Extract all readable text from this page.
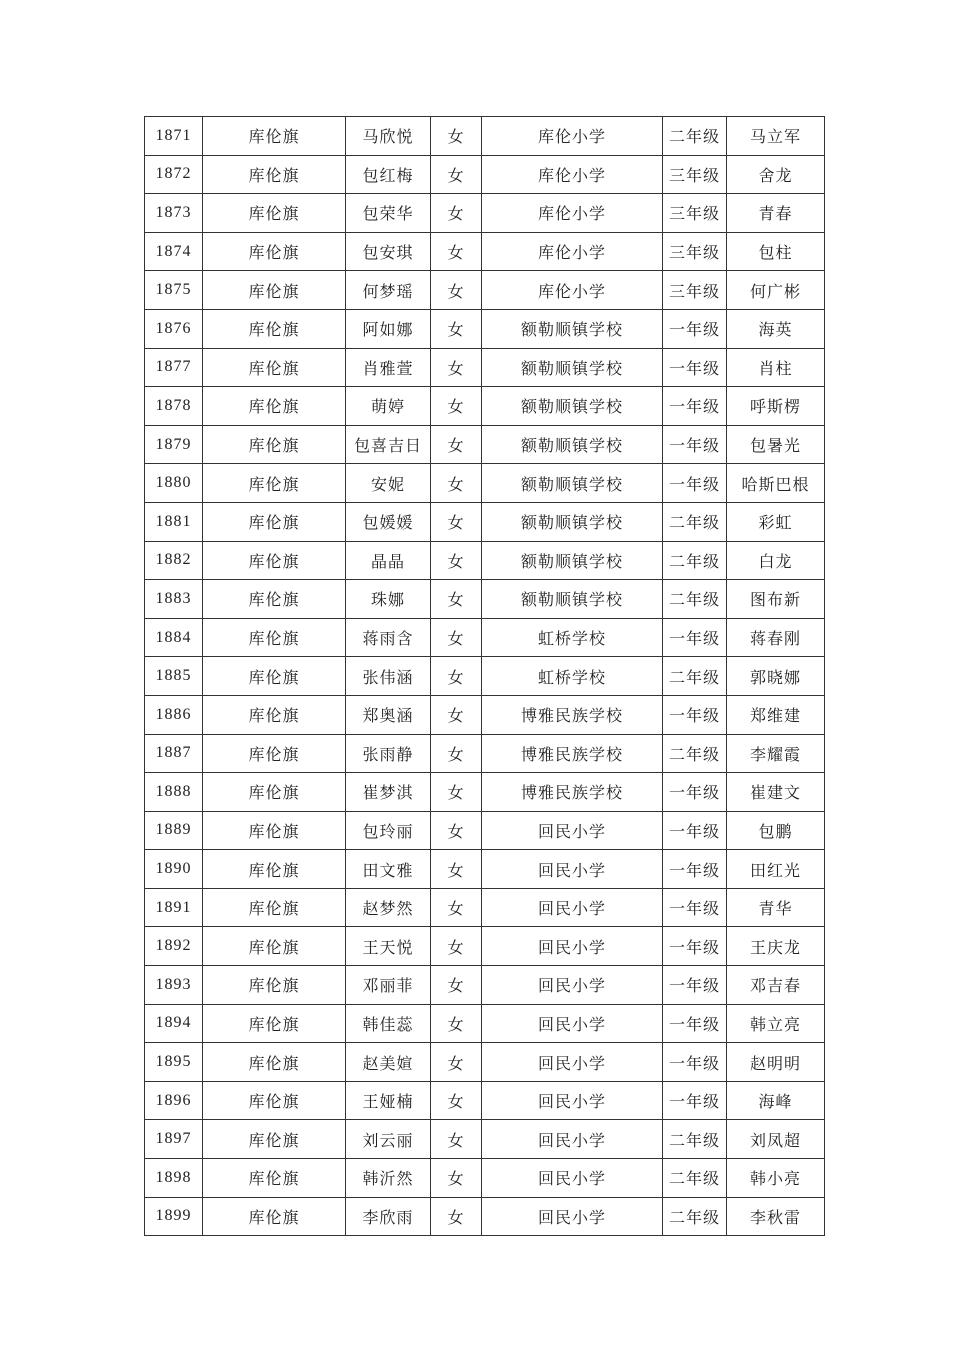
1871	库伦旗	马欣悦	女	库伦小学	二年级	马立军
1872	库伦旗	包红梅	女	库伦小学	三年级	舍龙
1873	库伦旗	包荣华	女	库伦小学	三年级	青春
1874	库伦旗	包安琪	女	库伦小学	三年级	包柱
1875	库伦旗	何梦瑶	女	库伦小学	三年级	何广彬
1876	库伦旗	阿如娜	女	额勒顺镇学校	一年级	海英
1877	库伦旗	肖雅萱	女	额勒顺镇学校	一年级	肖柱
1878	库伦旗	萌婷	女	额勒顺镇学校	一年级	呼斯楞
1879	库伦旗	包喜吉日	女	额勒顺镇学校	一年级	包暑光
1880	库伦旗	安妮	女	额勒顺镇学校	一年级	哈斯巴根
1881	库伦旗	包媛媛	女	额勒顺镇学校	二年级	彩虹
1882	库伦旗	晶晶	女	额勒顺镇学校	二年级	白龙
1883	库伦旗	珠娜	女	额勒顺镇学校	二年级	图布新
1884	库伦旗	蒋雨含	女	虹桥学校	一年级	蒋春刚
1885	库伦旗	张伟涵	女	虹桥学校	二年级	郭晓娜
1886	库伦旗	郑奥涵	女	博雅民族学校	一年级	郑维建
1887	库伦旗	张雨静	女	博雅民族学校	二年级	李耀霞
1888	库伦旗	崔梦淇	女	博雅民族学校	一年级	崔建文
1889	库伦旗	包玲丽	女	回民小学	一年级	包鹏
1890	库伦旗	田文雅	女	回民小学	一年级	田红光
1891	库伦旗	赵梦然	女	回民小学	一年级	青华
1892	库伦旗	王天悦	女	回民小学	一年级	王庆龙
1893	库伦旗	邓丽菲	女	回民小学	一年级	邓吉春
1894	库伦旗	韩佳蕊	女	回民小学	一年级	韩立亮
1895	库伦旗	赵美媗	女	回民小学	一年级	赵明明
1896	库伦旗	王娅楠	女	回民小学	一年级	海峰
1897	库伦旗	刘云丽	女	回民小学	二年级	刘凤超
1898	库伦旗	韩沂然	女	回民小学	二年级	韩小亮
1899	库伦旗	李欣雨	女	回民小学	二年级	李秋雷
